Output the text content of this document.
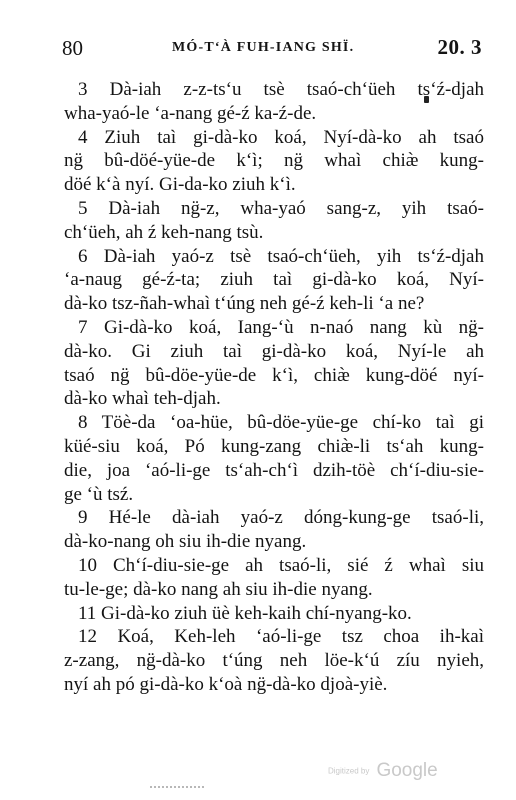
80	MÓ-T‘À FUH-IANG SHÏ.	20. 3
3 Dà-iah z-z-ts‘u tsè tsaó-ch‘üeh ts‘ź-djah
wha-yaó-le ‘a-nang gé-ź ka-ź-de.
4 Ziuh taì gi-dà-ko koá, Nyí-dà-ko ah tsaó
ng̈ bû-döé-yüe-de k‘ì; ng̈ whaì chiæ̀ kung-
döé k‘à nyí. Gi-da-ko ziuh k‘ì.
5 Dà-iah ng̈-z, wha-yaó sang-z, yih tsaó-
ch‘üeh, ah ź keh-nang tsù.
6 Dà-iah yaó-z tsè tsaó-ch‘üeh, yih ts‘ź-djah
‘a-naug gé-ź-ta; ziuh taì gi-dà-ko koá, Nyí-
dà-ko tsz-ñah-whaì t‘úng neh gé-ź keh-li ‘a ne?
7 Gi-dà-ko koá, Iang-‘ù n-naó nang kù ng̈-
dà-ko. Gi ziuh taì gi-dà-ko koá, Nyí-le ah
tsaó ng̈ bû-döe-yüe-de k‘ì, chiæ̀ kung-döé nyí-
dà-ko whaì teh-djah.
8 Töè-da ‘oa-hüe, bû-döe-yüe-ge chí-ko taì gi
küé-siu koá, Pó kung-zang chiæ̀-li ts‘ah kung-
die, joa ‘aó-li-ge ts‘ah-ch‘ì dzih-töè ch‘í-diu-sie-
ge ‘ù tsź.
9 Hé-le dà-iah yaó-z dóng-kung-ge tsaó-li,
dà-ko-nang oh siu ih-die nyang.
10 Ch‘í-diu-sie-ge ah tsaó-li, sié ź whaì siu
tu-le-ge; dà-ko nang ah siu ih-die nyang.
11 Gi-dà-ko ziuh üè keh-kaih chí-nyang-ko.
12 Koá, Keh-leh ‘aó-li-ge tsz choa ih-kaì
z-zang, ng̈-dà-ko t‘úng neh löe-k‘ú zíu nyieh,
nyí ah pó gi-dà-ko k‘oà ng̈-dà-ko djoà-yiè.
Digitized by Google
